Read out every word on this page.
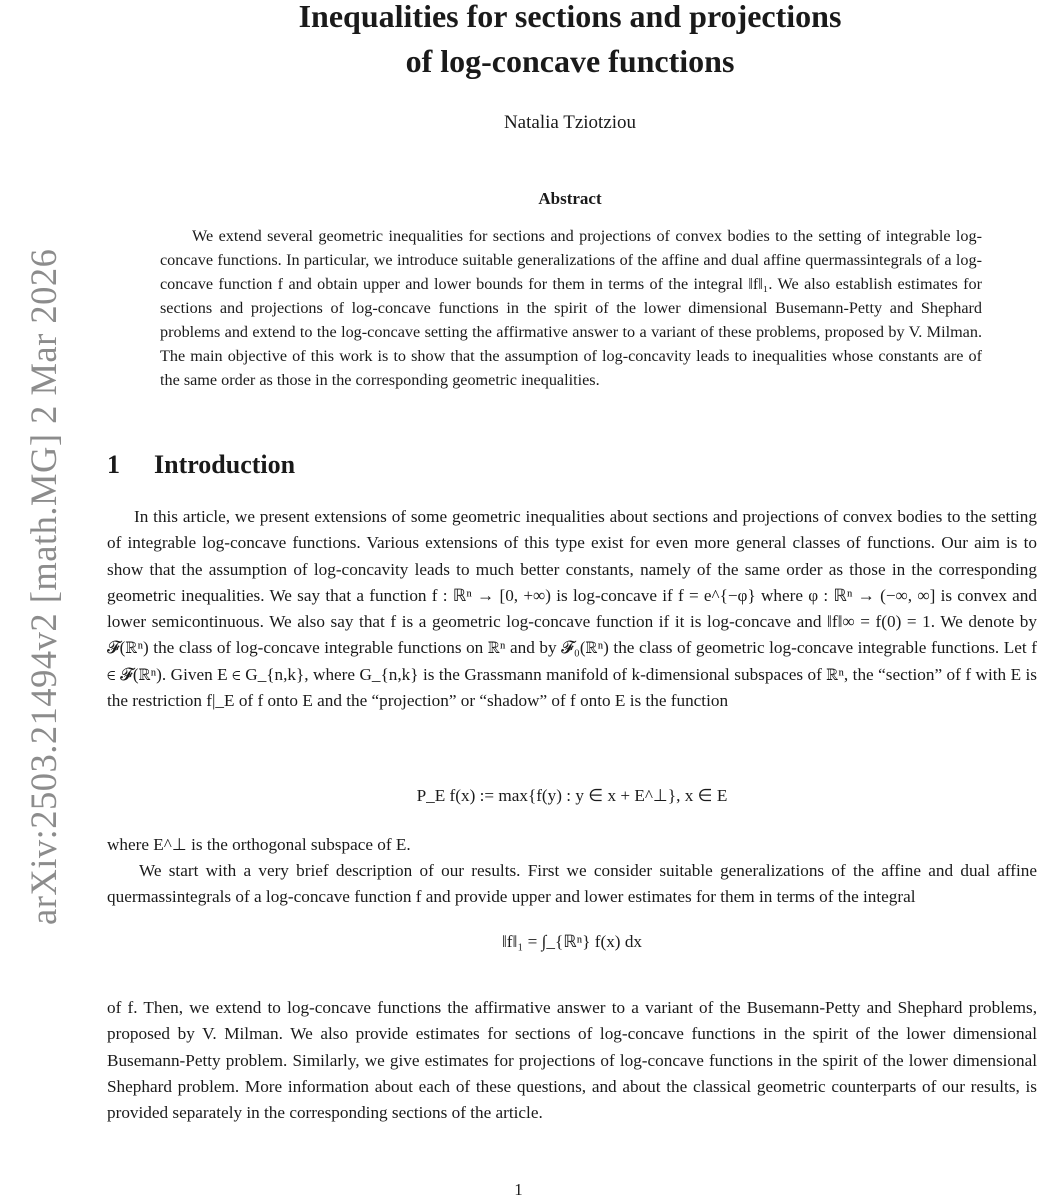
arXiv:2503.21494v2 [math.MG] 2 Mar 2026
Inequalities for sections and projections
of log-concave functions
Natalia Tziotziou
Abstract
We extend several geometric inequalities for sections and projections of convex bodies to the setting of integrable log-concave functions. In particular, we introduce suitable generalizations of the affine and dual affine quermassintegrals of a log-concave function f and obtain upper and lower bounds for them in terms of the integral ‖f‖₁. We also establish estimates for sections and projections of log-concave functions in the spirit of the lower dimensional Busemann-Petty and Shephard problems and extend to the log-concave setting the affirmative answer to a variant of these problems, proposed by V. Milman. The main objective of this work is to show that the assumption of log-concavity leads to inequalities whose constants are of the same order as those in the corresponding geometric inequalities.
1 Introduction
In this article, we present extensions of some geometric inequalities about sections and projections of convex bodies to the setting of integrable log-concave functions. Various extensions of this type exist for even more general classes of functions. Our aim is to show that the assumption of log-concavity leads to much better constants, namely of the same order as those in the corresponding geometric inequalities. We say that a function f : ℝⁿ → [0, +∞) is log-concave if f = e^{−φ} where φ : ℝⁿ → (−∞, ∞] is convex and lower semicontinuous. We also say that f is a geometric log-concave function if it is log-concave and ‖f‖∞ = f(0) = 1. We denote by 𝓕(ℝⁿ) the class of log-concave integrable functions on ℝⁿ and by 𝓕₀(ℝⁿ) the class of geometric log-concave integrable functions. Let f ∈ 𝓕(ℝⁿ). Given E ∈ G_{n,k}, where G_{n,k} is the Grassmann manifold of k-dimensional subspaces of ℝⁿ, the “section” of f with E is the restriction f|_E of f onto E and the “projection” or “shadow” of f onto E is the function
P_E f(x) := max{f(y) : y ∈ x + E^⊥}, x ∈ E
where E^⊥ is the orthogonal subspace of E.
We start with a very brief description of our results. First we consider suitable generalizations of the affine and dual affine quermassintegrals of a log-concave function f and provide upper and lower estimates for them in terms of the integral
‖f‖₁ = ∫_{ℝⁿ} f(x) dx
of f. Then, we extend to log-concave functions the affirmative answer to a variant of the Busemann-Petty and Shephard problems, proposed by V. Milman. We also provide estimates for sections of log-concave functions in the spirit of the lower dimensional Busemann-Petty problem. Similarly, we give estimates for projections of log-concave functions in the spirit of the lower dimensional Shephard problem. More information about each of these questions, and about the classical geometric counterparts of our results, is provided separately in the corresponding sections of the article.
1
